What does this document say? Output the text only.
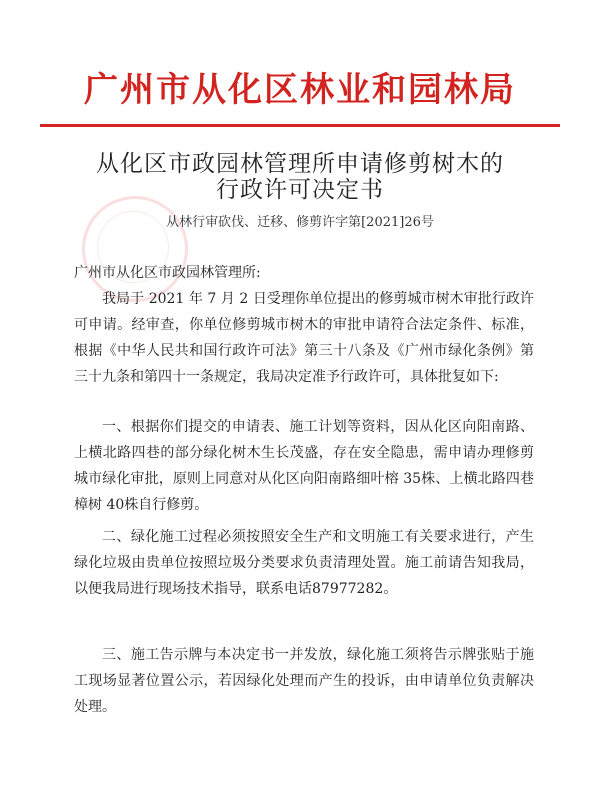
广州市从化区林业和园林局
从化区市政园林管理所申请修剪树木的
行政许可决定书
从林行审砍伐、迁移、修剪许字第[2021]26号
广州市从化区市政园林管理所:

我局于 2021 年 7 月 2 日受理你单位提出的修剪城市树木审批行政许可申请。经审查，你单位修剪城市树木的审批申请符合法定条件、标准，根据《中华人民共和国行政许可法》第三十八条及《广州市绿化条例》第三十九条和第四十一条规定，我局决定准予行政许可，具体批复如下:

一、根据你们提交的申请表、施工计划等资料，因从化区向阳南路、上横北路四巷的部分绿化树木生长茂盛，存在安全隐患，需申请办理修剪城市绿化审批，原则上同意对从化区向阳南路细叶榕 35株、上横北路四巷樟树 40株自行修剪。

二、绿化施工过程必须按照安全生产和文明施工有关要求进行，产生绿化垃圾由贵单位按照垃圾分类要求负责清理处置。施工前请告知我局，以便我局进行现场技术指导，联系电话87977282。

三、施工告示牌与本决定书一并发放，绿化施工须将告示牌张贴于施工现场显著位置公示，若因绿化处理而产生的投诉，由申请单位负责解决处理。
